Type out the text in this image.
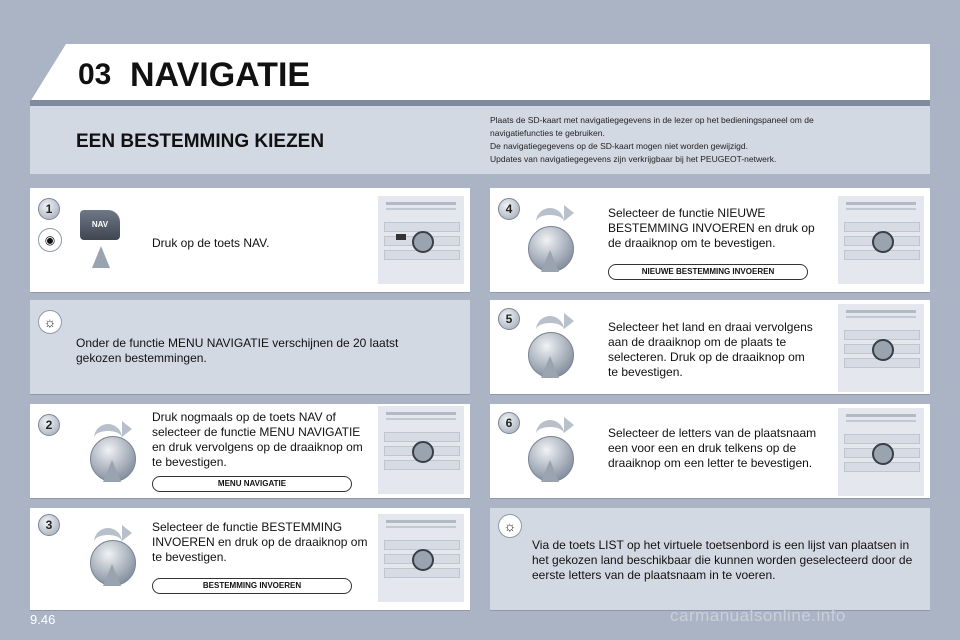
03 NAVIGATIE
EEN BESTEMMING KIEZEN
Plaats de SD-kaart met navigatiegegevens in de lezer op het bedieningspaneel om de
navigatiefuncties te gebruiken.
De navigatiegegevens op de SD-kaart mogen niet worden gewijzigd.
Updates van navigatiegegevens zijn verkrijgbaar bij het PEUGEOT-netwerk.
1
◉
NAV
Druk op de toets NAV.
☼
Onder de functie MENU NAVIGATIE verschijnen de 20 laatst gekozen bestemmingen.
2
Druk nogmaals op de toets NAV of selecteer de functie MENU NAVIGATIE en druk vervolgens op de draaiknop om te bevestigen.
MENU NAVIGATIE
3	Selecteer de functie BESTEMMING INVOEREN en druk op de draaiknop om te bevestigen.
BESTEMMING INVOEREN
4	Selecteer de functie NIEUWE BESTEMMING INVOEREN en druk op de draaiknop om te bevestigen.
NIEUWE BESTEMMING INVOEREN
5
Selecteer het land en draai vervolgens aan de draaiknop om de plaats te selecteren. Druk op de draaiknop om te bevestigen.
6
Selecteer de letters van de plaatsnaam een voor een en druk telkens op de draaiknop om een letter te bevestigen.
☼
Via de toets LIST op het virtuele toetsenbord is een lijst van plaatsen in het gekozen land beschikbaar die kunnen worden geselecteerd door de eerste letters van de plaatsnaam in te voeren.
9.46	carmanualsonline.info
